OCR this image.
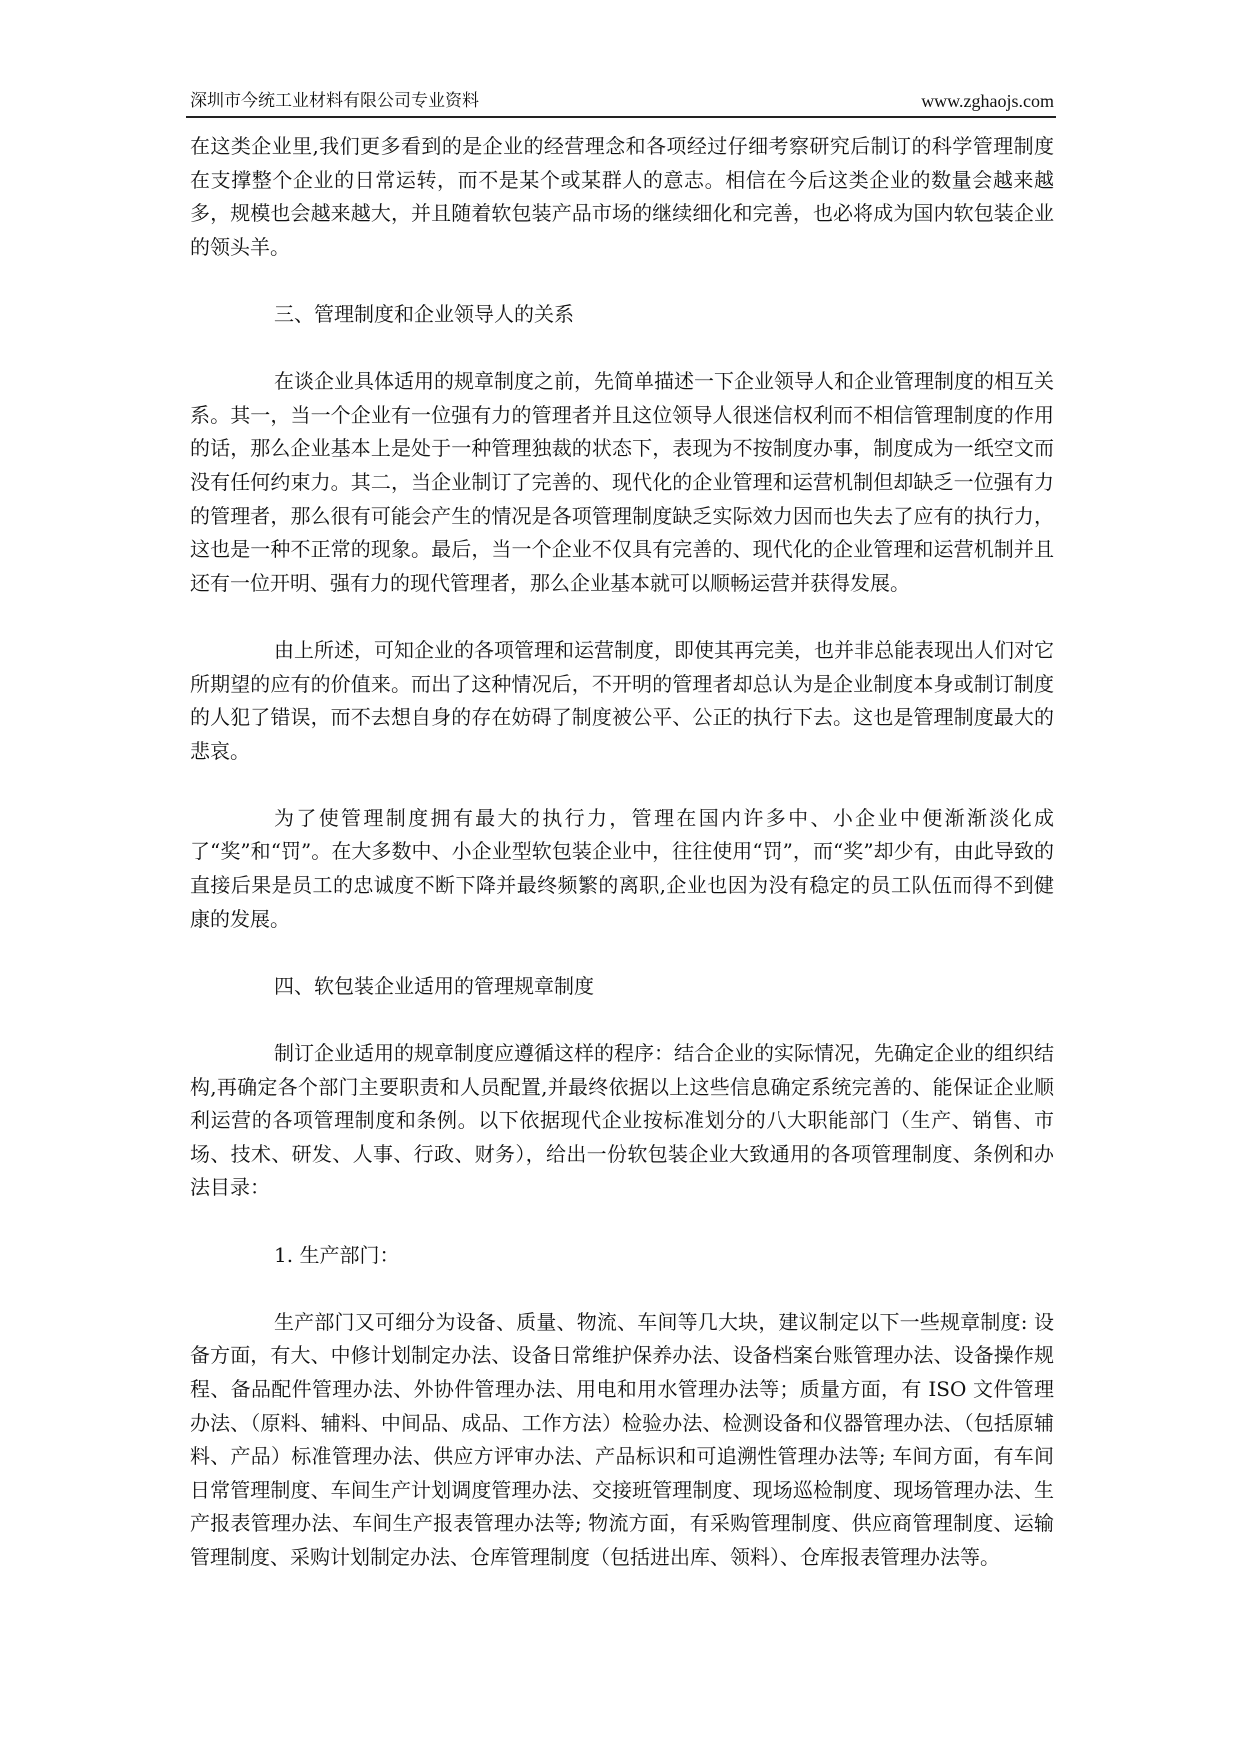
深圳市今统工业材料有限公司专业资料	www.zghaojs.com

在这类企业里,我们更多看到的是企业的经营理念和各项经过仔细考察研究后制订的科学管理制度在支撑整个企业的日常运转，而不是某个或某群人的意志。相信在今后这类企业的数量会越来越多，规模也会越来越大，并且随着软包装产品市场的继续细化和完善，也必将成为国内软包装企业的领头羊。

三、管理制度和企业领导人的关系

在谈企业具体适用的规章制度之前，先简单描述一下企业领导人和企业管理制度的相互关系。其一，当一个企业有一位强有力的管理者并且这位领导人很迷信权利而不相信管理制度的作用的话，那么企业基本上是处于一种管理独裁的状态下，表现为不按制度办事，制度成为一纸空文而没有任何约束力。其二，当企业制订了完善的、现代化的企业管理和运营机制但却缺乏一位强有力的管理者，那么很有可能会产生的情况是各项管理制度缺乏实际效力因而也失去了应有的执行力，这也是一种不正常的现象。最后，当一个企业不仅具有完善的、现代化的企业管理和运营机制并且还有一位开明、强有力的现代管理者，那么企业基本就可以顺畅运营并获得发展。

由上所述，可知企业的各项管理和运营制度，即使其再完美，也并非总能表现出人们对它所期望的应有的价值来。而出了这种情况后，不开明的管理者却总认为是企业制度本身或制订制度的人犯了错误，而不去想自身的存在妨碍了制度被公平、公正的执行下去。这也是管理制度最大的悲哀。

为了使管理制度拥有最大的执行力，管理在国内许多中、小企业中便渐渐淡化成了“奖”和“罚”。在大多数中、小企业型软包装企业中，往往使用“罚”，而“奖”却少有，由此导致的直接后果是员工的忠诚度不断下降并最终频繁的离职,企业也因为没有稳定的员工队伍而得不到健康的发展。

四、软包装企业适用的管理规章制度

制订企业适用的规章制度应遵循这样的程序：结合企业的实际情况，先确定企业的组织结构,再确定各个部门主要职责和人员配置,并最终依据以上这些信息确定系统完善的、能保证企业顺利运营的各项管理制度和条例。以下依据现代企业按标准划分的八大职能部门（生产、销售、市场、技术、研发、人事、行政、财务），给出一份软包装企业大致通用的各项管理制度、条例和办法目录：

1. 生产部门：

生产部门又可细分为设备、质量、物流、车间等几大块，建议制定以下一些规章制度: 设备方面，有大、中修计划制定办法、设备日常维护保养办法、设备档案台账管理办法、设备操作规程、备品配件管理办法、外协件管理办法、用电和用水管理办法等；质量方面，有 ISO 文件管理办法、（原料、辅料、中间品、成品、工作方法）检验办法、检测设备和仪器管理办法、（包括原辅料、产品）标准管理办法、供应方评审办法、产品标识和可追溯性管理办法等; 车间方面，有车间日常管理制度、车间生产计划调度管理办法、交接班管理制度、现场巡检制度、现场管理办法、生产报表管理办法、车间生产报表管理办法等; 物流方面，有采购管理制度、供应商管理制度、运输管理制度、采购计划制定办法、仓库管理制度（包括进出库、领料）、仓库报表管理办法等。
